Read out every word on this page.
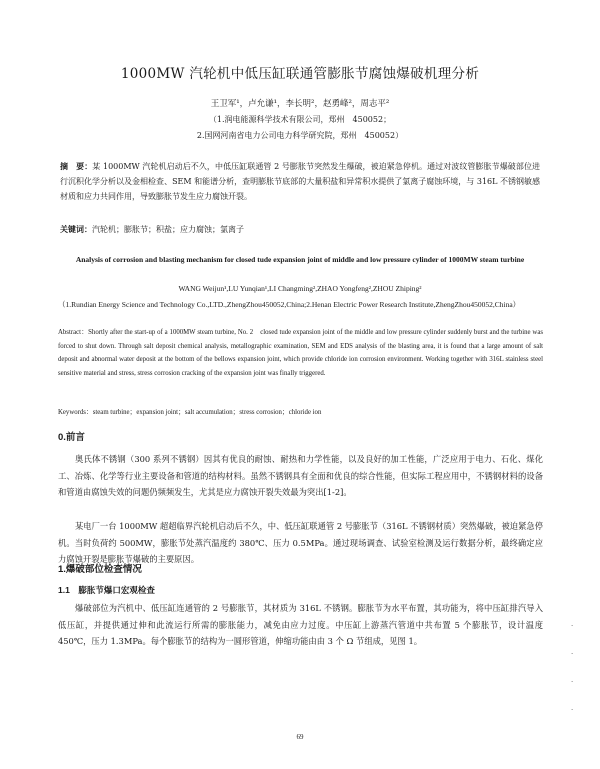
1000MW 汽轮机中低压缸联通管膨胀节腐蚀爆破机理分析
王卫军¹，卢允谦¹，李长明²，赵勇峰²，周志平²
（1.润电能源科学技术有限公司，郑州　450052；
2.国网河南省电力公司电力科学研究院，郑州　450052）
摘　要：某 1000MW 汽轮机启动后不久，中低压缸联通管 2 号膨胀节突然发生爆破，被迫紧急停机。通过对波纹管膨胀节爆破部位进行沉积化学分析以及金相检查、SEM 和能谱分析，查明膨胀节底部的大量积盐和异常积水提供了氯离子腐蚀环境，与 316L 不锈钢敏感材质和应力共同作用，导致膨胀节发生应力腐蚀开裂。
关键词：汽轮机；膨胀节；积盐；应力腐蚀；氯离子
Analysis of corrosion and blasting mechanism for closed tude expansion joint of middle and low pressure cylinder of 1000MW steam turbine
WANG Weijun¹,LU Yunqian¹,LI Changming²,ZHAO Yongfeng²,ZHOU Zhiping²
（1.Rundian Energy Science and Technology Co.,LTD.,ZhengZhou450052,China;2.Henan Electric Power Research Institute,ZhengZhou450052,China）
Abstract：Shortly after the start-up of a 1000MW steam turbine, No. 2　closed tude expansion joint of the middle and low pressure cylinder suddenly burst and the turbine was forced to shut down. Through salt deposit chemical analysis, metallographic examination, SEM and EDS analysis of the blasting area, it is found that a large amount of salt deposit and abnormal water deposit at the bottom of the bellows expansion joint, which provide chloride ion corrosion environment. Working together with 316L stainless steel sensitive material and stress, stress corrosion cracking of the expansion joint was finally triggered.
Keywords：steam turbine；expansion joint；salt accumulation；stress corrosion；chloride ion
0.前言
奥氏体不锈钢（300 系列不锈钢）因其有优良的耐蚀、耐热和力学性能，以及良好的加工性能，广泛应用于电力、石化、煤化工、冶炼、化学等行业主要设备和管道的结构材料。虽然不锈钢具有全面和优良的综合性能，但实际工程应用中，不锈钢材料的设备和管道由腐蚀失效的问题仍频频发生，尤其是应力腐蚀开裂失效最为突出[1-2]。
某电厂一台 1000MW 超超临界汽轮机启动后不久，中、低压缸联通管 2 号膨胀节（316L 不锈钢材质）突然爆破，被迫紧急停机。当时负荷约 500MW，膨胀节处蒸汽温度约 380℃、压力 0.5MPa。通过现场调查、试验室检测及运行数据分析，最终确定应力腐蚀开裂是膨胀节爆破的主要原因。
1.爆破部位检查情况
1.1　膨胀节爆口宏观检查
爆破部位为汽机中、低压缸连通管的 2 号膨胀节，其材质为 316L 不锈钢。膨胀节为水平布置，其功能为，将中压缸排汽导入低压缸，并提供通过伸和此流运行所需的膨胀能力，减免由应力过度。中压缸上游蒸汽管道中共布置 5 个膨胀节，设计温度 450℃，压力 1.3MPa。每个膨胀节的结构为一圆形管道，伸缩功能由由 3 个 Ω 节组成，见图 1。
·
·
·
·
69
